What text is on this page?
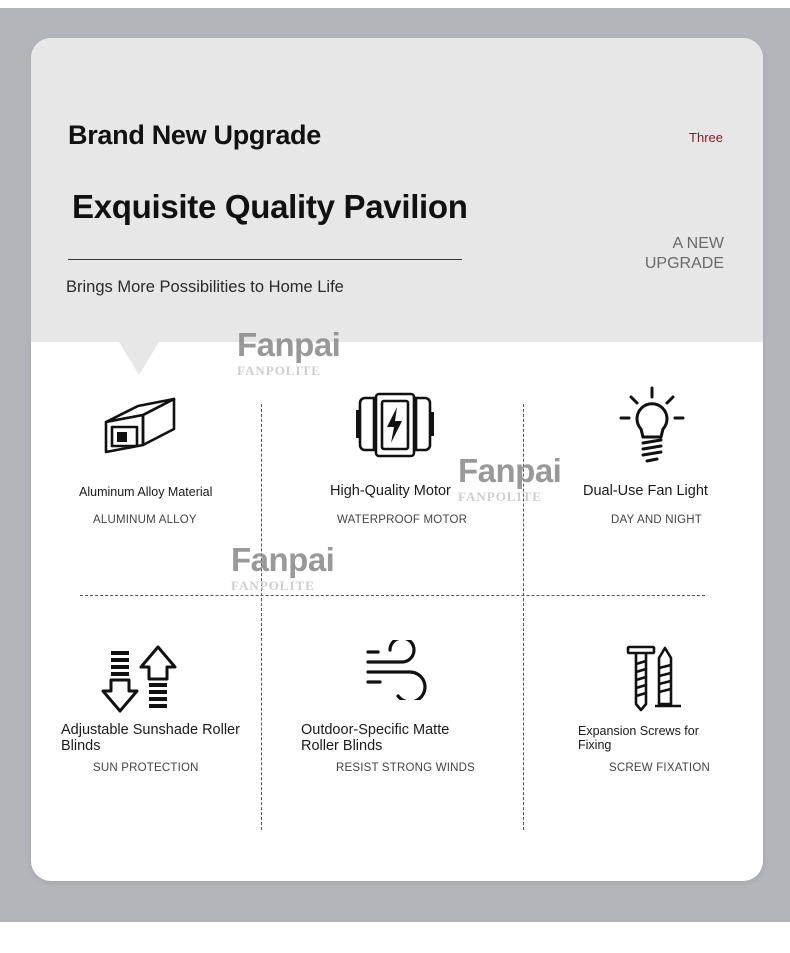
Brand New Upgrade
Exquisite Quality Pavilion

Brings More Possibilities to Home Life

Three
A NEW
UPGRADE
Aluminum Alloy Material
ALUMINUM ALLOY
High-Quality Motor
WATERPROOF MOTOR
Dual-Use Fan Light
DAY AND NIGHT
Adjustable Sunshade Roller Blinds
SUN PROTECTION
Outdoor-Specific Matte Roller Blinds
RESIST STRONG WINDS
Expansion Screws for Fixing
SCREW FIXATION
Fanpai
FANPOLITE
Fanpai
FANPOLITE
Fanpai
FANPOLITE
